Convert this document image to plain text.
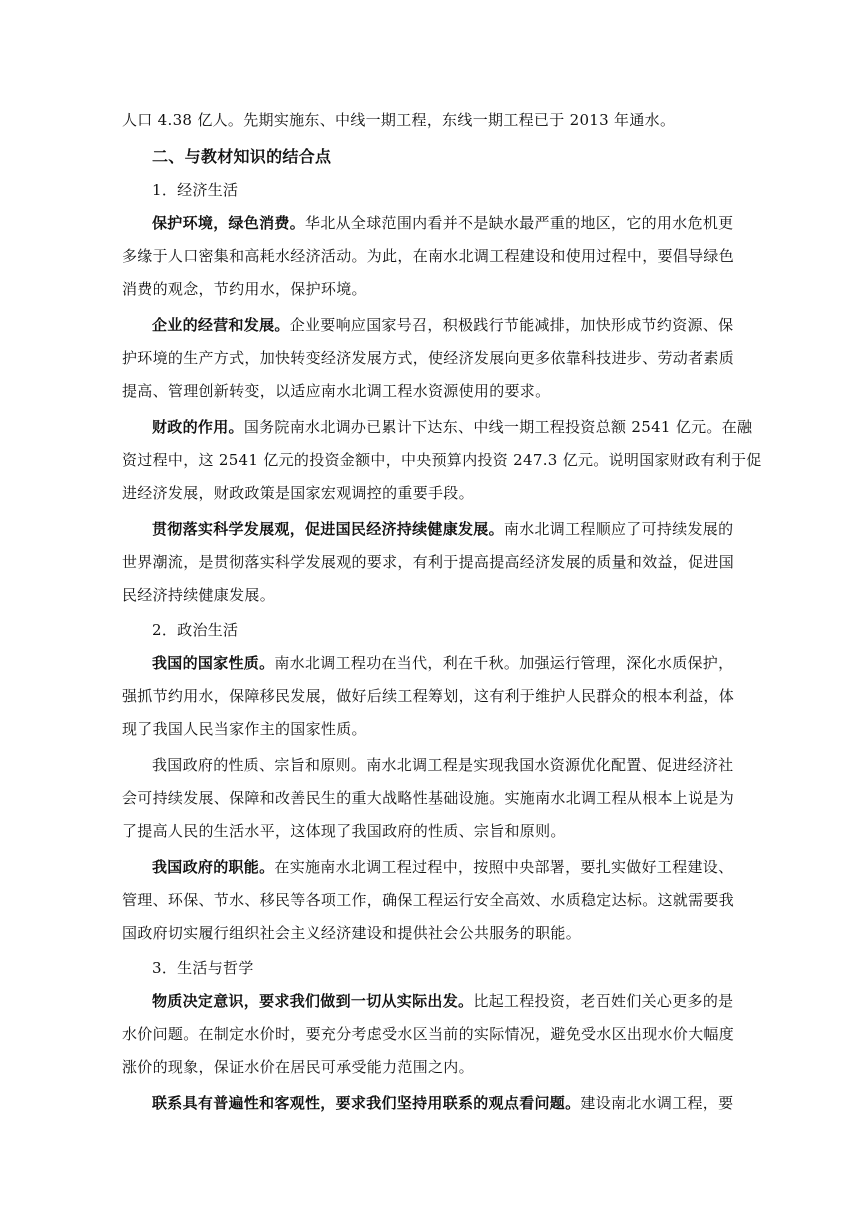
人口 4.38 亿人。先期实施东、中线一期工程，东线一期工程已于 2013 年通水。
二、与教材知识的结合点
1．经济生活
保护环境，绿色消费。华北从全球范围内看并不是缺水最严重的地区，它的用水危机更
多缘于人口密集和高耗水经济活动。为此，在南水北调工程建设和使用过程中，要倡导绿色
消费的观念，节约用水，保护环境。
企业的经营和发展。企业要响应国家号召，积极践行节能减排，加快形成节约资源、保
护环境的生产方式，加快转变经济发展方式，使经济发展向更多依靠科技进步、劳动者素质
提高、管理创新转变，以适应南水北调工程水资源使用的要求。
财政的作用。国务院南水北调办已累计下达东、中线一期工程投资总额 2541 亿元。在融
资过程中，这 2541 亿元的投资金额中，中央预算内投资 247.3 亿元。说明国家财政有利于促
进经济发展，财政政策是国家宏观调控的重要手段。
贯彻落实科学发展观，促进国民经济持续健康发展。南水北调工程顺应了可持续发展的
世界潮流，是贯彻落实科学发展观的要求，有利于提高提高经济发展的质量和效益，促进国
民经济持续健康发展。
2．政治生活
我国的国家性质。南水北调工程功在当代，利在千秋。加强运行管理，深化水质保护，
强抓节约用水，保障移民发展，做好后续工程筹划，这有利于维护人民群众的根本利益，体
现了我国人民当家作主的国家性质。
我国政府的性质、宗旨和原则。南水北调工程是实现我国水资源优化配置、促进经济社
会可持续发展、保障和改善民生的重大战略性基础设施。实施南水北调工程从根本上说是为
了提高人民的生活水平，这体现了我国政府的性质、宗旨和原则。
我国政府的职能。在实施南水北调工程过程中，按照中央部署，要扎实做好工程建设、
管理、环保、节水、移民等各项工作，确保工程运行安全高效、水质稳定达标。这就需要我
国政府切实履行组织社会主义经济建设和提供社会公共服务的职能。
3．生活与哲学
物质决定意识，要求我们做到一切从实际出发。比起工程投资，老百姓们关心更多的是
水价问题。在制定水价时，要充分考虑受水区当前的实际情况，避免受水区出现水价大幅度
涨价的现象，保证水价在居民可承受能力范围之内。
联系具有普遍性和客观性，要求我们坚持用联系的观点看问题。建设南北水调工程，要
